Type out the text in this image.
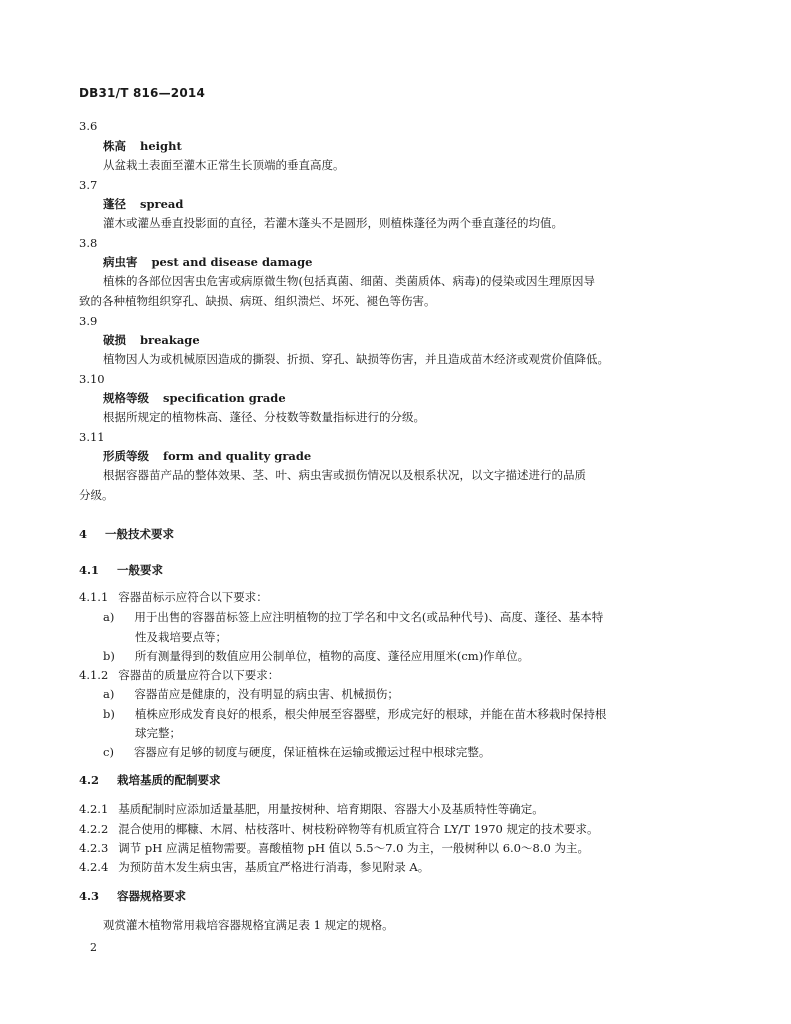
DB31/T 816—2014
3.6
株高 height
从盆栽土表面至灌木正常生长顶端的垂直高度。
3.7
蓬径 spread
灌木或灌丛垂直投影面的直径，若灌木蓬头不是圆形，则植株蓬径为两个垂直蓬径的均值。
3.8
病虫害 pest and disease damage
植株的各部位因害虫危害或病原微生物(包括真菌、细菌、类菌质体、病毒)的侵染或因生理原因导
致的各种植物组织穿孔、缺损、病斑、组织溃烂、坏死、褪色等伤害。
3.9
破损 breakage
植物因人为或机械原因造成的撕裂、折损、穿孔、缺损等伤害，并且造成苗木经济或观赏价值降低。
3.10
规格等级 specification grade
根据所规定的植物株高、蓬径、分枝数等数量指标进行的分级。
3.11
形质等级 form and quality grade
根据容器苗产品的整体效果、茎、叶、病虫害或损伤情况以及根系状况，以文字描述进行的品质
分级。
4 一般技术要求
4.1 一般要求
4.1.1 容器苗标示应符合以下要求：
a) 用于出售的容器苗标签上应注明植物的拉丁学名和中文名(或品种代号)、高度、蓬径、基本特
性及栽培要点等；
b) 所有测量得到的数值应用公制单位，植物的高度、蓬径应用厘米(cm)作单位。
4.1.2 容器苗的质量应符合以下要求：
a) 容器苗应是健康的，没有明显的病虫害、机械损伤；
b) 植株应形成发育良好的根系，根尖伸展至容器壁，形成完好的根球，并能在苗木移栽时保持根
球完整；
c) 容器应有足够的韧度与硬度，保证植株在运输或搬运过程中根球完整。
4.2 栽培基质的配制要求
4.2.1 基质配制时应添加适量基肥，用量按树种、培育期限、容器大小及基质特性等确定。
4.2.2 混合使用的椰糠、木屑、枯枝落叶、树枝粉碎物等有机质宜符合 LY/T 1970 规定的技术要求。
4.2.3 调节 pH 应满足植物需要。喜酸植物 pH 值以 5.5～7.0 为主，一般树种以 6.0～8.0 为主。
4.2.4 为预防苗木发生病虫害，基质宜严格进行消毒，参见附录 A。
4.3 容器规格要求
观赏灌木植物常用栽培容器规格宜满足表 1 规定的规格。
2
